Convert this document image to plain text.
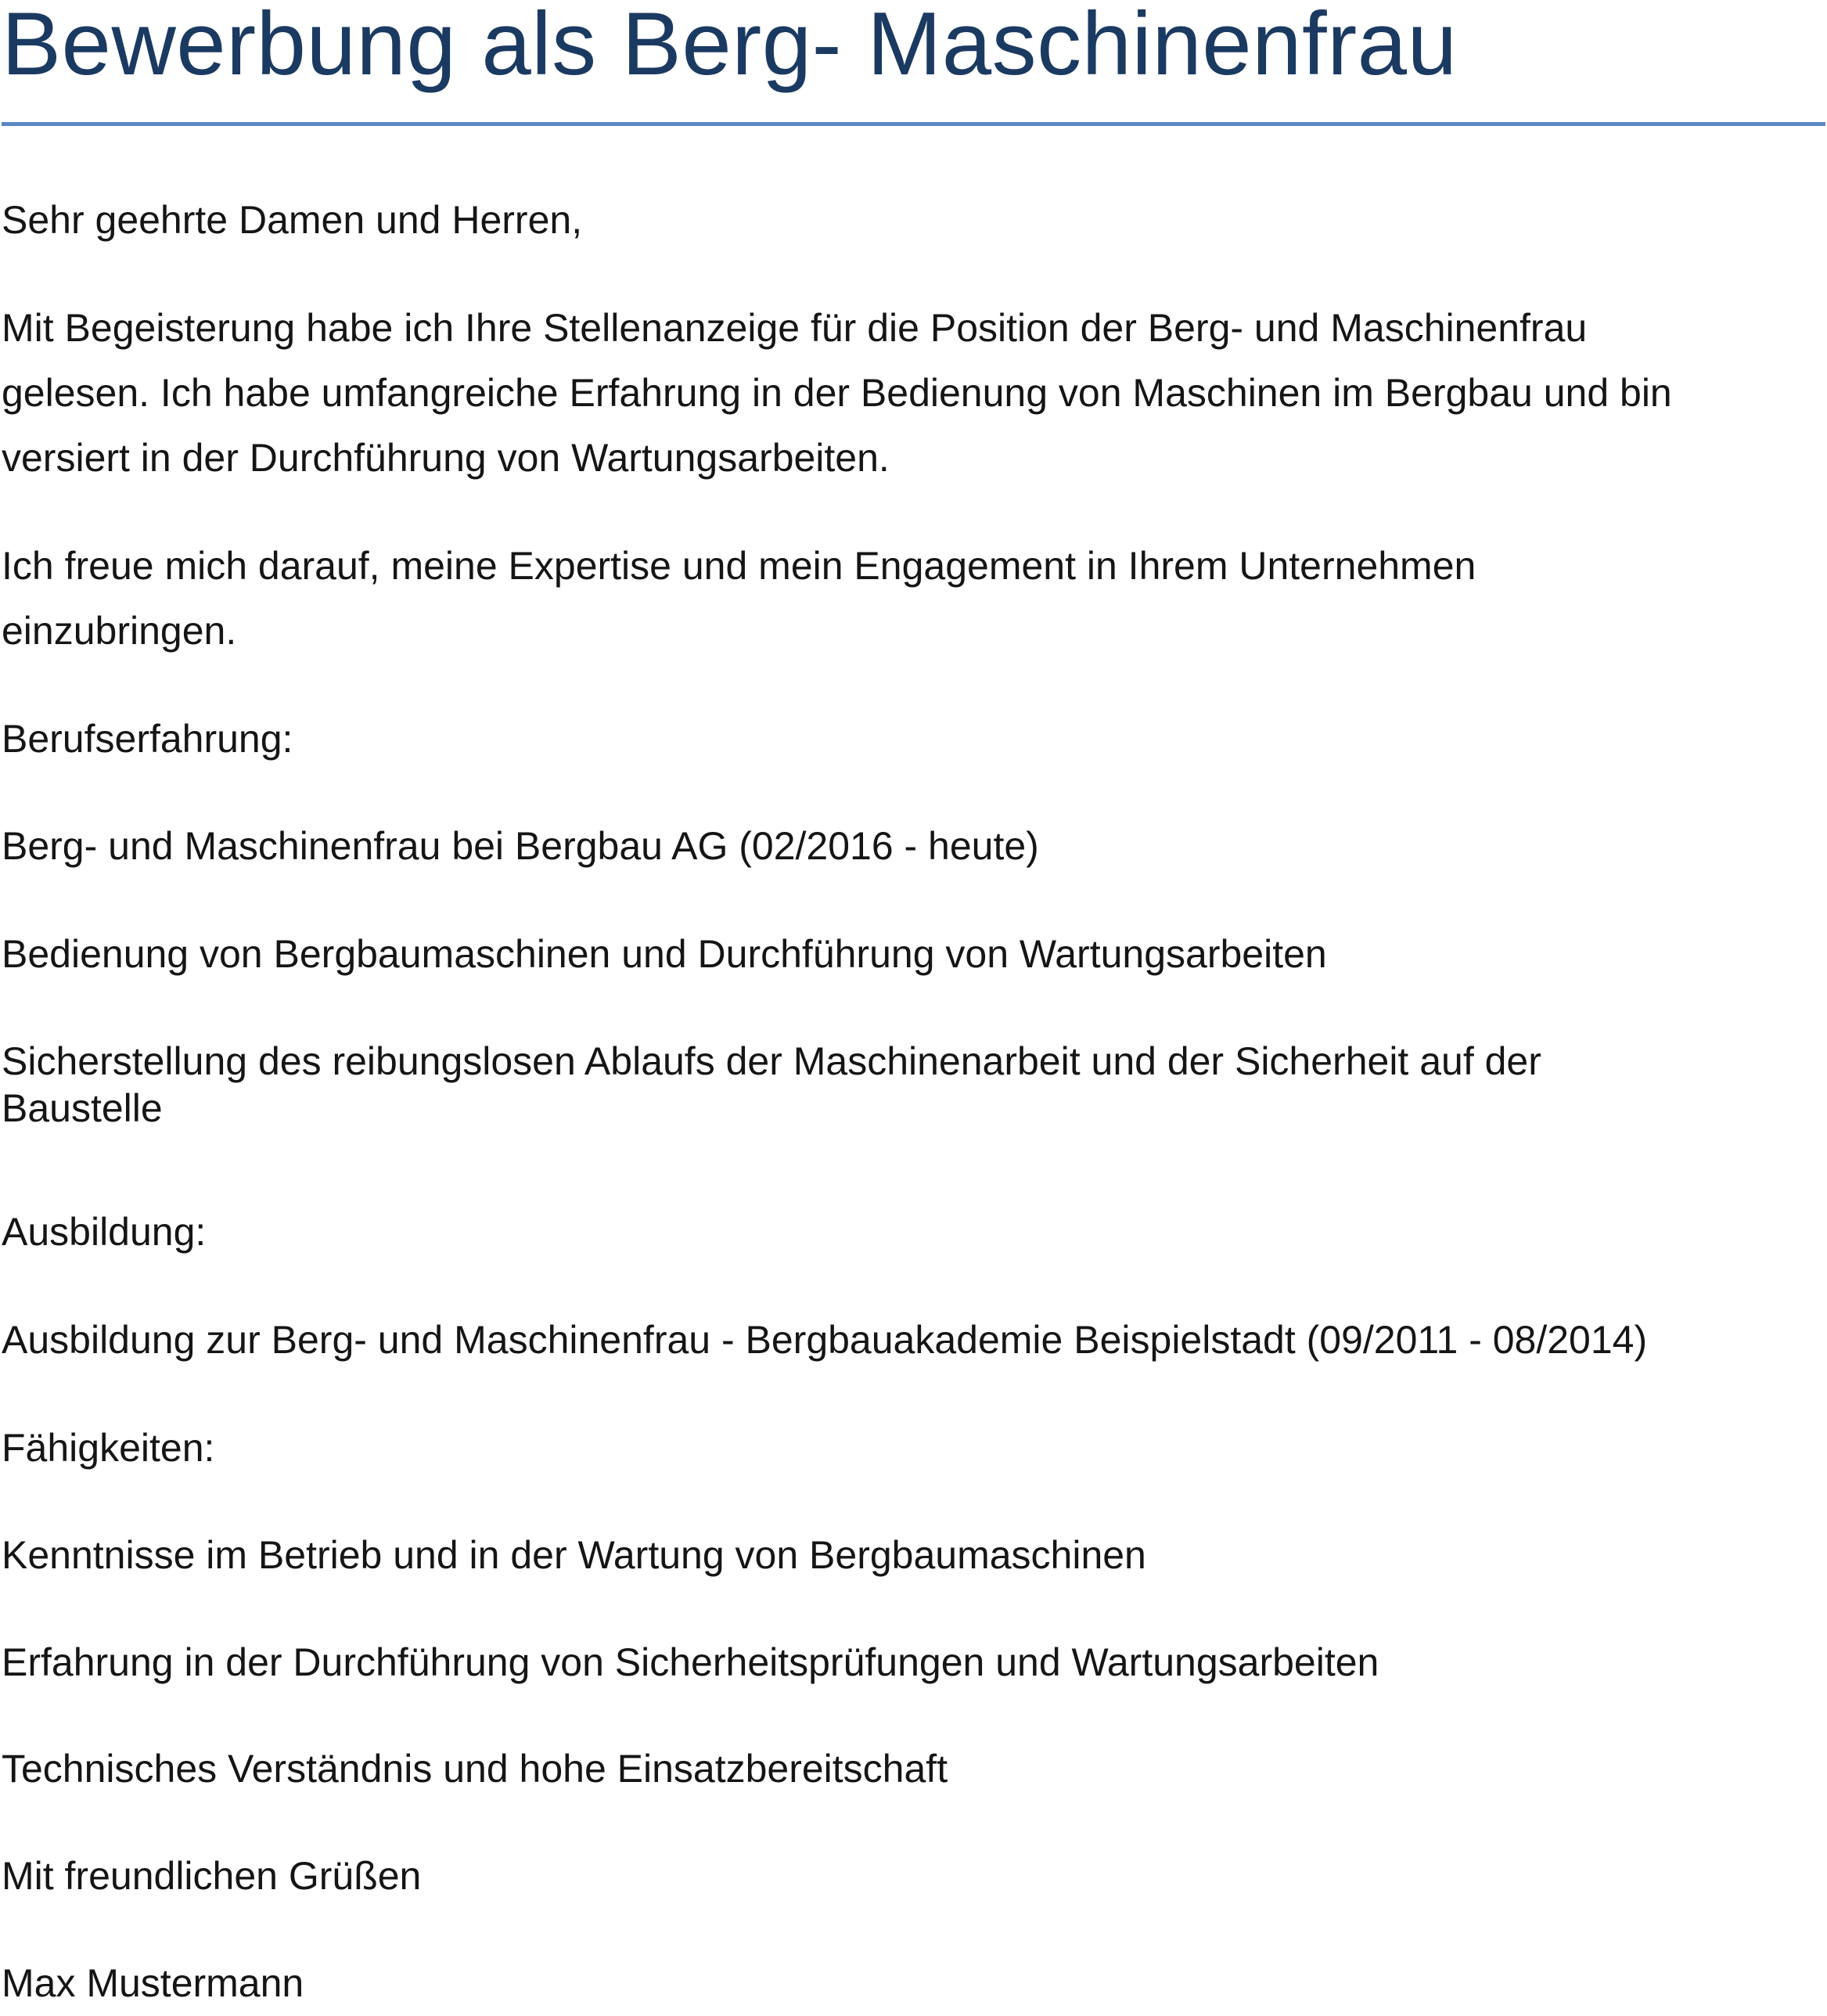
Bewerbung als Berg- Maschinenfrau

Sehr geehrte Damen und Herren,

Mit Begeisterung habe ich Ihre Stellenanzeige für die Position der Berg- und Maschinenfrau
gelesen. Ich habe umfangreiche Erfahrung in der Bedienung von Maschinen im Bergbau und bin
versiert in der Durchführung von Wartungsarbeiten.
Ich freue mich darauf, meine Expertise und mein Engagement in Ihrem Unternehmen
einzubringen.

Berufserfahrung:

Berg- und Maschinenfrau bei Bergbau AG (02/2016 - heute)

Bedienung von Bergbaumaschinen und Durchführung von Wartungsarbeiten

Sicherstellung des reibungslosen Ablaufs der Maschinenarbeit und der Sicherheit auf der
Baustelle

Ausbildung:

Ausbildung zur Berg- und Maschinenfrau - Bergbauakademie Beispielstadt (09/2011 - 08/2014)

Fähigkeiten:

Kenntnisse im Betrieb und in der Wartung von Bergbaumaschinen

Erfahrung in der Durchführung von Sicherheitsprüfungen und Wartungsarbeiten

Technisches Verständnis und hohe Einsatzbereitschaft

Mit freundlichen Grüßen

Max Mustermann
